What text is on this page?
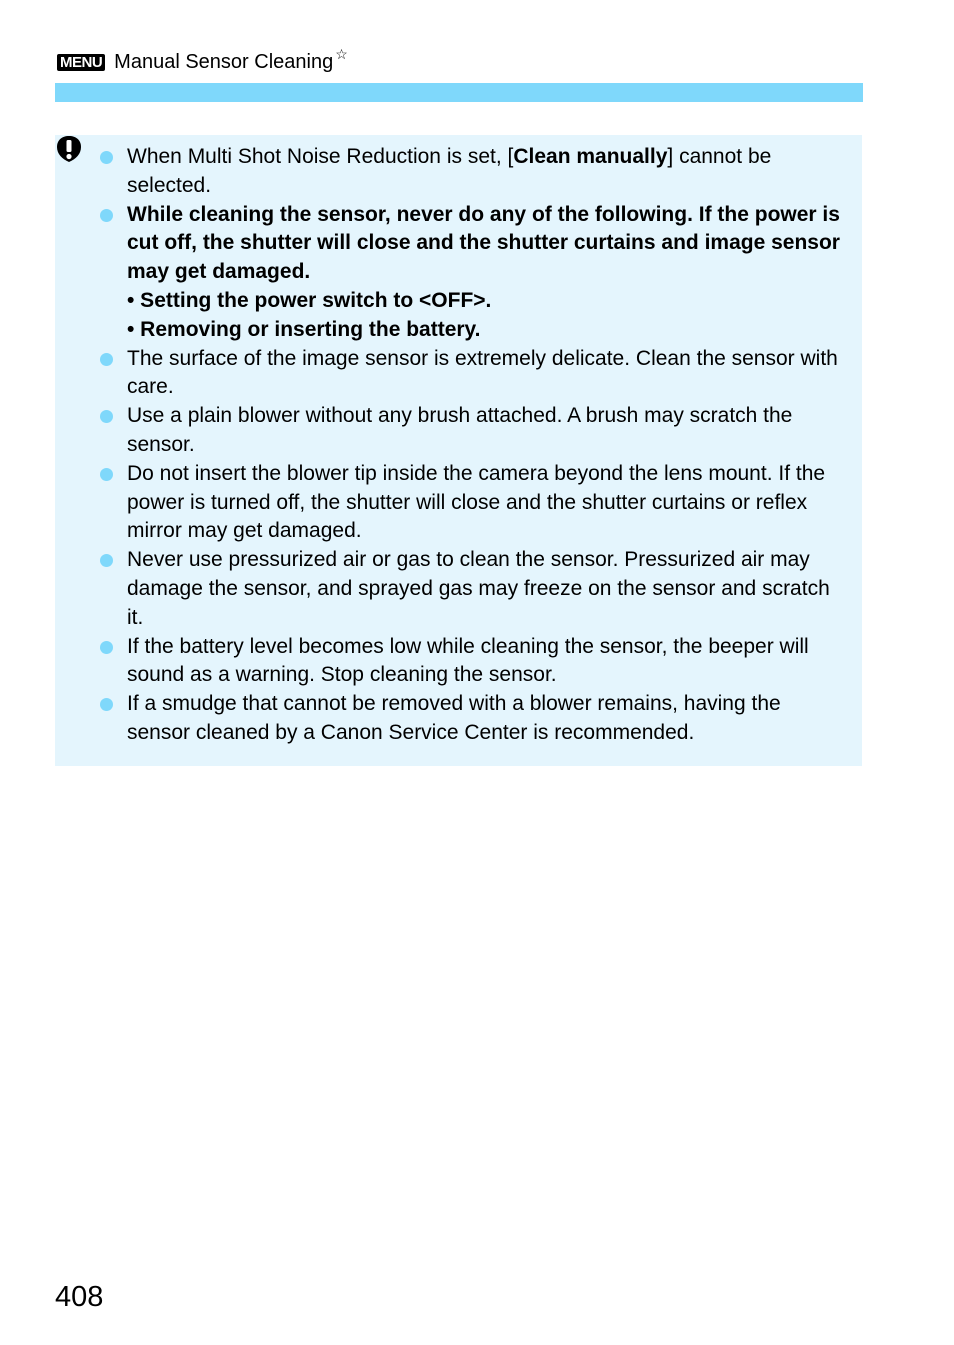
MENU Manual Sensor Cleaning ☆
When Multi Shot Noise Reduction is set, [Clean manually] cannot be selected.
While cleaning the sensor, never do any of the following. If the power is cut off, the shutter will close and the shutter curtains and image sensor may get damaged.
• Setting the power switch to <OFF>.
• Removing or inserting the battery.
The surface of the image sensor is extremely delicate. Clean the sensor with care.
Use a plain blower without any brush attached. A brush may scratch the sensor.
Do not insert the blower tip inside the camera beyond the lens mount. If the power is turned off, the shutter will close and the shutter curtains or reflex mirror may get damaged.
Never use pressurized air or gas to clean the sensor. Pressurized air may damage the sensor, and sprayed gas may freeze on the sensor and scratch it.
If the battery level becomes low while cleaning the sensor, the beeper will sound as a warning. Stop cleaning the sensor.
If a smudge that cannot be removed with a blower remains, having the sensor cleaned by a Canon Service Center is recommended.
408
